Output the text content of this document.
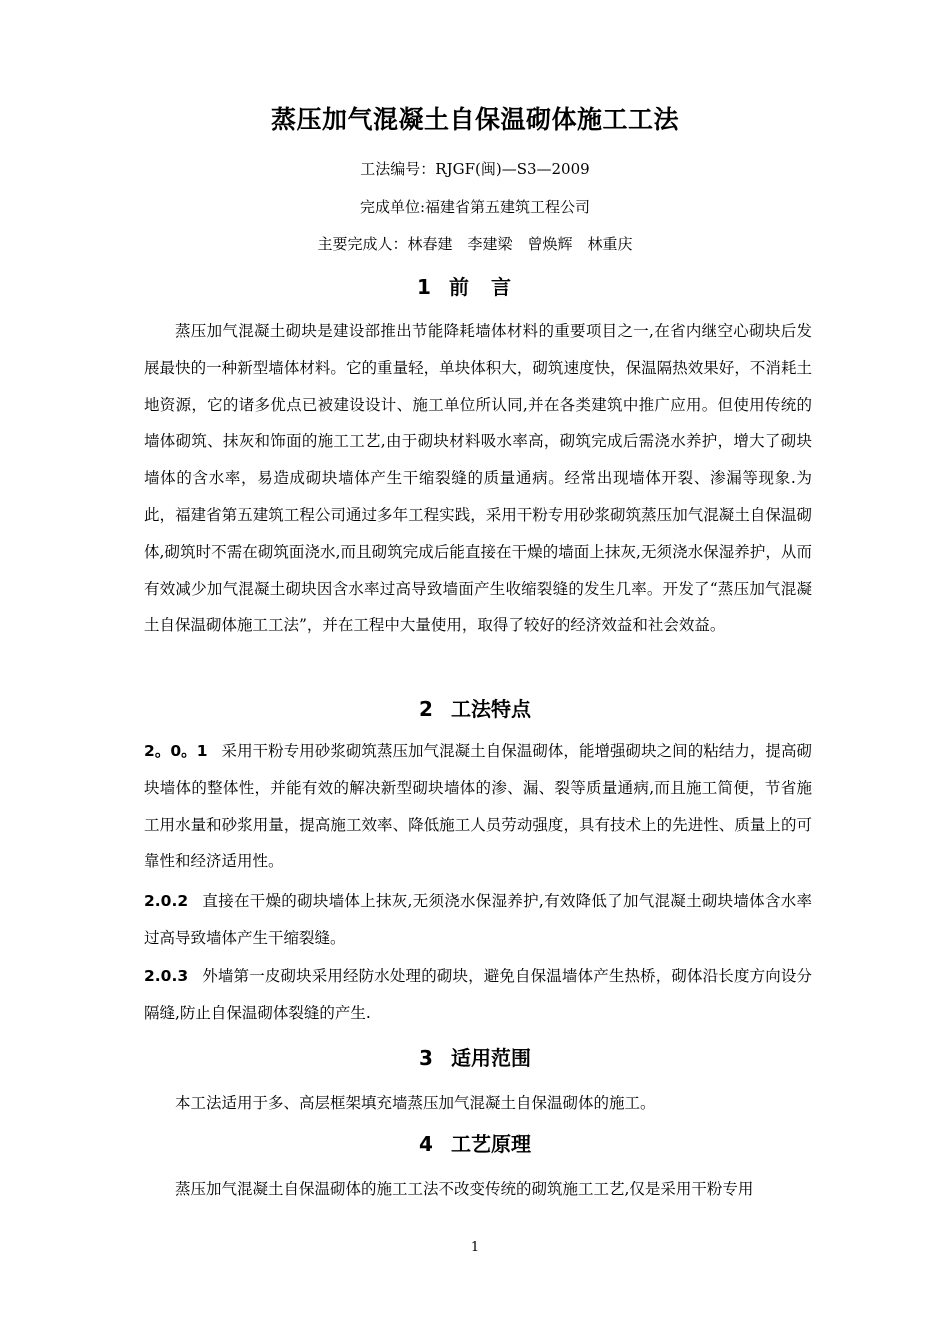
蒸压加气混凝土自保温砌体施工工法
工法编号：RJGF(闽)—S3—2009
完成单位:福建省第五建筑工程公司
主要完成人：林春建　李建梁　曾焕辉　林重庆
1 前言

蒸压加气混凝土砌块是建设部推出节能降耗墙体材料的重要项目之一,在省内继空心砌块后发展最快的一种新型墙体材料。它的重量轻，单块体积大，砌筑速度快，保温隔热效果好，不消耗土地资源，它的诸多优点已被建设设计、施工单位所认同,并在各类建筑中推广应用。但使用传统的墙体砌筑、抹灰和饰面的施工工艺,由于砌块材料吸水率高，砌筑完成后需浇水养护，增大了砌块墙体的含水率，易造成砌块墙体产生干缩裂缝的质量通病。经常出现墙体开裂、渗漏等现象.为此，福建省第五建筑工程公司通过多年工程实践，采用干粉专用砂浆砌筑蒸压加气混凝土自保温砌体,砌筑时不需在砌筑面浇水,而且砌筑完成后能直接在干燥的墙面上抹灰,无须浇水保湿养护，从而有效减少加气混凝土砌块因含水率过高导致墙面产生收缩裂缝的发生几率。开发了“蒸压加气混凝土自保温砌体施工工法”，并在工程中大量使用，取得了较好的经济效益和社会效益。

2 工法特点

2。0。1 采用干粉专用砂浆砌筑蒸压加气混凝土自保温砌体，能增强砌块之间的粘结力，提高砌块墙体的整体性，并能有效的解决新型砌块墙体的渗、漏、裂等质量通病,而且施工简便，节省施工用水量和砂浆用量，提高施工效率、降低施工人员劳动强度，具有技术上的先进性、质量上的可靠性和经济适用性。

2.0.2 直接在干燥的砌块墙体上抹灰,无须浇水保湿养护,有效降低了加气混凝土砌块墙体含水率过高导致墙体产生干缩裂缝。

2.0.3 外墙第一皮砌块采用经防水处理的砌块，避免自保温墙体产生热桥，砌体沿长度方向设分隔缝,防止自保温砌体裂缝的产生.

3 适用范围

本工法适用于多、高层框架填充墙蒸压加气混凝土自保温砌体的施工。

4 工艺原理

蒸压加气混凝土自保温砌体的施工工法不改变传统的砌筑施工工艺,仅是采用干粉专用

1
